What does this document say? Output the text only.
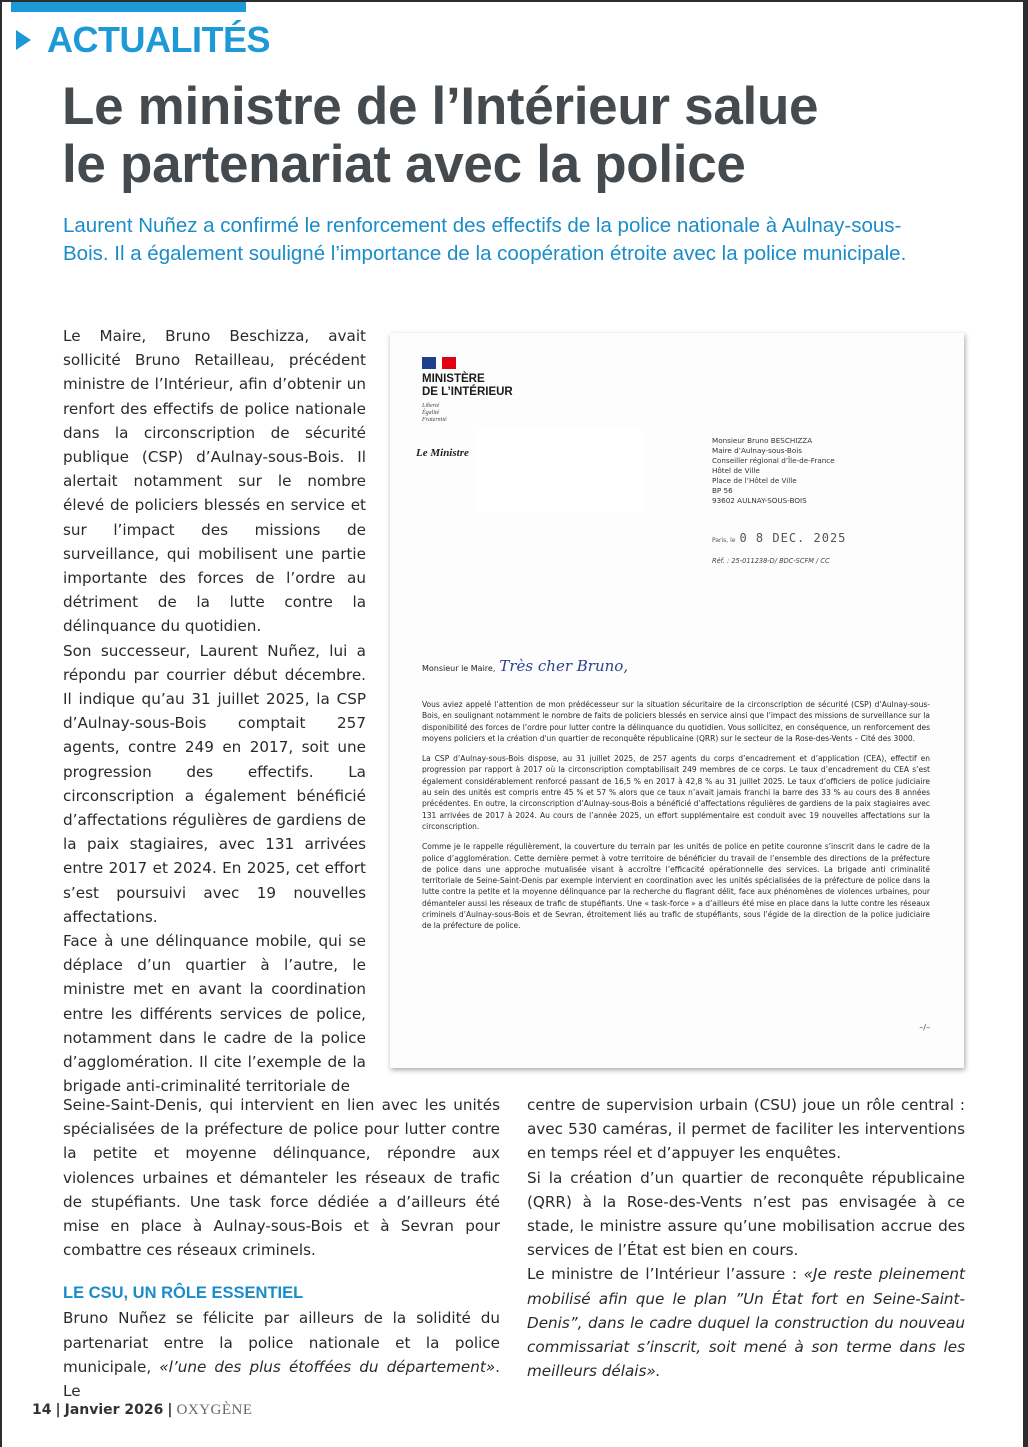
ACTUALITÉS
Le ministre de l’Intérieur salue
le partenariat avec la police

Laurent Nuñez a confirmé le renforcement des effectifs de la police nationale à Aulnay-sous-Bois. Il a également souligné l’importance de la coopération étroite avec la police municipale.

Le Maire, Bruno Beschizza, avait sollicité Bruno Retailleau, précédent ministre de l’Intérieur, afin d’obtenir un renfort des effectifs de police nationale dans la circonscription de sécurité publique (CSP) d’Aulnay-sous-Bois. Il alertait notamment sur le nombre élevé de policiers blessés en service et sur l’impact des missions de surveillance, qui mobilisent une partie importante des forces de l’ordre au détriment de la lutte contre la délinquance du quotidien.

Son successeur, Laurent Nuñez, lui a répondu par courrier début décembre. Il indique qu’au 31 juillet 2025, la CSP d’Aulnay-sous-Bois comptait 257 agents, contre 249 en 2017, soit une progression des effectifs. La circonscription a également bénéficié d’affectations régulières de gardiens de la paix stagiaires, avec 131 arrivées entre 2017 et 2024. En 2025, cet effort s’est poursuivi avec 19 nouvelles affectations.

Face à une délinquance mobile, qui se déplace d’un quartier à l’autre, le ministre met en avant la coordination entre les différents services de police, notamment dans le cadre de la police d’agglomération. Il cite l’exemple de la brigade anti-criminalité territoriale de

MINISTÈRE
DE L’INTÉRIEUR
Liberté
Égalité
Fraternité
Le Ministre
Monsieur Bruno BESCHIZZA
Maire d’Aulnay-sous-Bois
Conseiller régional d’Île-de-France
Hôtel de Ville
Place de l’Hôtel de Ville
BP 56
93602 AULNAY-SOUS-BOIS
Paris, le 0 8 DEC. 2025
Réf. : 25-011238-D/ BDC-SCFM / CC
Monsieur le Maire, Très cher Bruno,

Vous aviez appelé l’attention de mon prédécesseur sur la situation sécuritaire de la circonscription de sécurité (CSP) d’Aulnay-sous-Bois, en soulignant notamment le nombre de faits de policiers blessés en service ainsi que l’impact des missions de surveillance sur la disponibilité des forces de l’ordre pour lutter contre la délinquance du quotidien. Vous sollicitez, en conséquence, un renforcement des moyens policiers et la création d'un quartier de reconquête républicaine (QRR) sur le secteur de la Rose-des-Vents – Cité des 3000.

La CSP d’Aulnay-sous-Bois dispose, au 31 juillet 2025, de 257 agents du corps d’encadrement et d’application (CEA), effectif en progression par rapport à 2017 où la circonscription comptabilisait 249 membres de ce corps. Le taux d’encadrement du CEA s’est également considérablement renforcé passant de 16,5 % en 2017 à 42,8 % au 31 juillet 2025. Le taux d’officiers de police judiciaire au sein des unités est compris entre 45 % et 57 % alors que ce taux n’avait jamais franchi la barre des 33 % au cours des 8 années précédentes. En outre, la circonscription d’Aulnay-sous-Bois a bénéficié d’affectations régulières de gardiens de la paix stagiaires avec 131 arrivées de 2017 à 2024. Au cours de l’année 2025, un effort supplémentaire est conduit avec 19 nouvelles affectations sur la circonscription.

Comme je le rappelle régulièrement, la couverture du terrain par les unités de police en petite couronne s’inscrit dans le cadre de la police d’agglomération. Cette dernière permet à votre territoire de bénéficier du travail de l’ensemble des directions de la préfecture de police dans une approche mutualisée visant à accroître l’efficacité opérationnelle des services. La brigade anti criminalité territoriale de Seine-Saint-Denis par exemple intervient en coordination avec les unités spécialisées de la préfecture de police dans la lutte contre la petite et la moyenne délinquance par la recherche du flagrant délit, face aux phénomènes de violences urbaines, pour démanteler aussi les réseaux de trafic de stupéfiants. Une « task-force » a d’ailleurs été mise en place dans la lutte contre les réseaux criminels d’Aulnay-sous-Bois et de Sevran, étroitement liés au trafic de stupéfiants, sous l’égide de la direction de la police judiciaire de la préfecture de police.

–/–

Seine-Saint-Denis, qui intervient en lien avec les unités spécialisées de la préfecture de police pour lutter contre la petite et moyenne délinquance, répondre aux violences urbaines et démanteler les réseaux de trafic de stupéfiants. Une task force dédiée a d’ailleurs été mise en place à Aulnay-sous-Bois et à Sevran pour combattre ces réseaux criminels.

LE CSU, UN RÔLE ESSENTIEL

Bruno Nuñez se félicite par ailleurs de la solidité du partenariat entre la police nationale et la police municipale, «l’une des plus étoffées du département». Le

centre de supervision urbain (CSU) joue un rôle central : avec 530 caméras, il permet de faciliter les interventions en temps réel et d’appuyer les enquêtes.

Si la création d’un quartier de reconquête républicaine (QRR) à la Rose-des-Vents n’est pas envisagée à ce stade, le ministre assure qu’une mobilisation accrue des services de l’État est bien en cours.

Le ministre de l’Intérieur l’assure : «Je reste pleinement mobilisé afin que le plan ”Un État fort en Seine-Saint-Denis”, dans le cadre duquel la construction du nouveau commissariat s’inscrit, soit mené à son terme dans les meilleurs délais».

14 | Janvier 2026 | OXYGÈNE
